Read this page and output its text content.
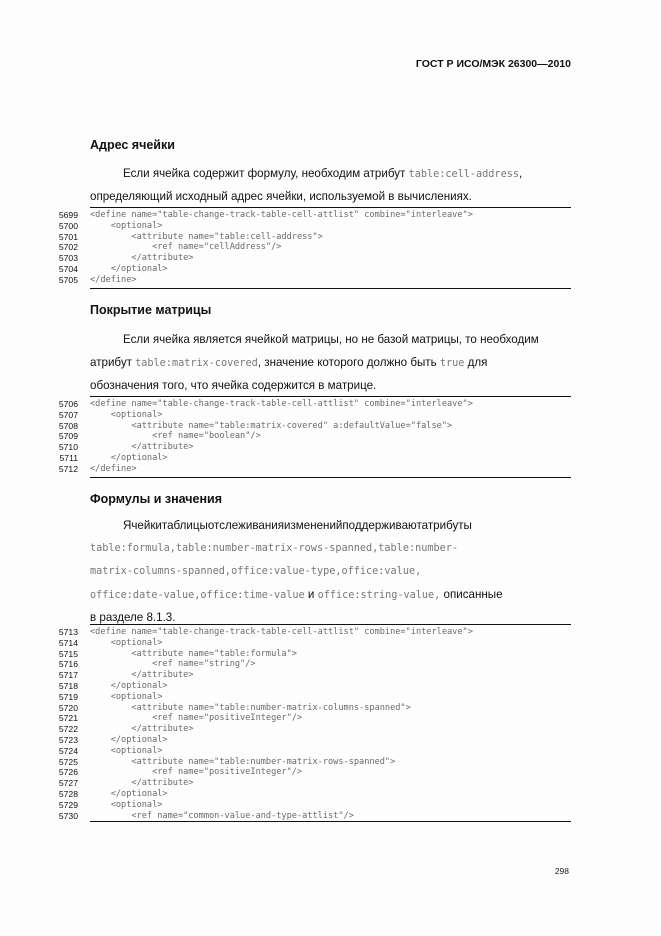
ГОСТ Р ИСО/МЭК 26300—2010
Адрес ячейки
Если ячейка содержит формулу, необходим атрибут table:cell-address,
определяющий исходный адрес ячейки, используемой в вычислениях.
5699 <define name="table-change-track-table-cell-attlist" combine="interleave">
5700 <optional>
5701 <attribute name="table:cell-address">
5702 <ref name="cellAddress"/>
5703 </attribute>
5704 </optional>
5705 </define>
Покрытие матрицы
Если ячейка является ячейкой матрицы, но не базой матрицы, то необходим
атрибут table:matrix-covered, значение которого должно быть true для
обозначения того, что ячейка содержится в матрице.
5706 <define name="table-change-track-table-cell-attlist" combine="interleave">
5707 <optional>
5708 <attribute name="table:matrix-covered" a:defaultValue="false">
5709 <ref name="boolean"/>
5710 </attribute>
5711 </optional>
5712 </define>
Формулы и значения
Ячейкитаблицыотслеживанияизмененийподдерживаютатрибуты
table:formula,table:number-matrix-rows-spanned,table:number-
matrix-columns-spanned,office:value-type,office:value,
office:date-value,office:time-value и office:string-value, описанные
в разделе 8.1.3.
5713 <define name="table-change-track-table-cell-attlist" combine="interleave">
5714 <optional>
5715 <attribute name="table:formula">
5716 <ref name="string"/>
5717 </attribute>
5718 </optional>
5719 <optional>
5720 <attribute name="table:number-matrix-columns-spanned">
5721 <ref name="positiveInteger"/>
5722 </attribute>
5723 </optional>
5724 <optional>
5725 <attribute name="table:number-matrix-rows-spanned">
5726 <ref name="positiveInteger"/>
5727 </attribute>
5728 </optional>
5729 <optional>
5730 <ref name="common-value-and-type-attlist"/>
298
